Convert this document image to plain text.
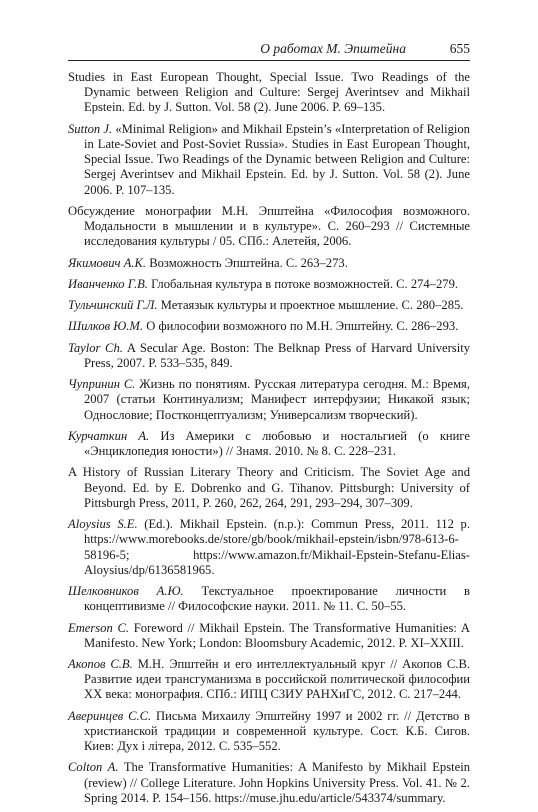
О работах М. Эпштейна	655

Studies in East European Thought, Special Issue. Two Readings of the Dynamic between Religion and Culture: Sergej Averintsev and Mikhail Epstein. Ed. by J. Sutton. Vol. 58 (2). June 2006. P. 69–135.

Sutton J. «Minimal Religion» and Mikhail Epstein’s «Interpretation of Religion in Late-Soviet and Post-Soviet Russia». Studies in East European Thought, Special Issue. Two Readings of the Dynamic between Religion and Culture: Sergej Averintsev and Mikhail Epstein. Ed. by J. Sutton. Vol. 58 (2). June 2006. P. 107–135.

Обсуждение монографии М.Н. Эпштейна «Философия возможного. Модальности в мышлении и в культуре». С. 260–293 // Системные исследования культуры / 05. СПб.: Алетейя, 2006.

Якимович А.К. Возможность Эпштейна. С. 263–273.

Иванченко Г.В. Глобальная культура в потоке возможностей. С. 274–279.

Тульчинский Г.Л. Метаязык культуры и проектное мышление. С. 280–285.

Шилков Ю.М. О философии возможного по М.Н. Эпштейну. С. 286–293.

Taylor Ch. A Secular Age. Boston: The Belknap Press of Harvard University Press, 2007. P. 533–535, 849.

Чупринин С. Жизнь по понятиям. Русская литература сегодня. М.: Время, 2007 (статьи Континуализм; Манифест интерфузии; Никакой язык; Однословие; Постконцептуализм; Универсализм творческий).

Курчаткин А. Из Америки с любовью и ностальгией (о книге «Энциклопедия юности») // Знамя. 2010. № 8. С. 228–231.

A History of Russian Literary Theory and Criticism. The Soviet Age and Beyond. Ed. by E. Dobrenko and G. Tihanov. Pittsburgh: University of Pittsburgh Press, 2011, P. 260, 262, 264, 291, 293–294, 307–309.

Aloysius S.E. (Ed.). Mikhail Epstein. (n.p.): Commun Press, 2011. 112 p. https://www.morebooks.de/store/gb/book/mikhail-epstein/isbn/978-613-6-58196-5; https://www.amazon.fr/Mikhail-Epstein-Stefanu-Elias-Aloysius/dp/6136581965.

Шелковников А.Ю. Текстуальное проектирование личности в концептивизме // Философские науки. 2011. № 11. С. 50–55.

Emerson C. Foreword // Mikhail Epstein. The Transformative Humanities: A Manifesto. New York; London: Bloomsbury Academic, 2012. P. XI–XXIII.

Акопов С.В. М.Н. Эпштейн и его интеллектуальный круг // Акопов С.В. Развитие идеи трансгуманизма в российской политической философии XX века: монография. СПб.: ИПЦ СЗИУ РАНХиГС, 2012. С. 217–244.

Аверинцев С.С. Письма Михаилу Эпштейну 1997 и 2002 гг. // Детство в христианской традиции и современной культуре. Сост. К.Б. Сигов. Киев: Дух і літера, 2012. С. 535–552.

Colton A. The Transformative Humanities: A Manifesto by Mikhail Epstein (review) // College Literature. John Hopkins University Press. Vol. 41. № 2. Spring 2014. P. 154–156. https://muse.jhu.edu/article/543374/summary.
